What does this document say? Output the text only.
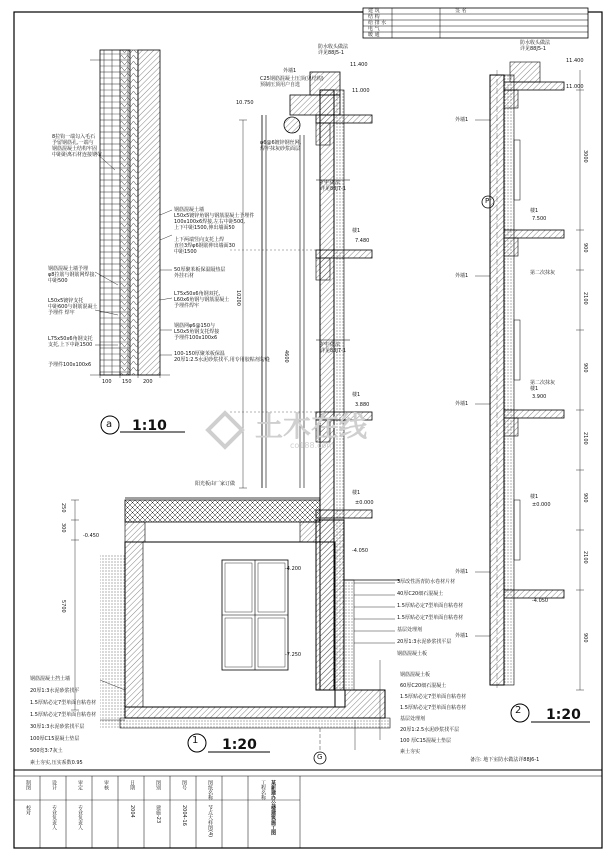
建 筑
结 构
给 排 水
电 气
暖 通
签 名
8拉钩一端勾入毛石
予留钢筋孔,一端与
钢筋混凝土结构牢固
中距距离石材连接钢节
钢筋混凝土墙予埋
φ8拉筋与钢筋网焊接,
中距500
L50x5镀锌支托
中距600与钢筋混凝土
予埋件 焊牢
L75x50x6角钢支托
支托,上下中距1500
予埋件100x100x6
钢筋混凝土墙
L50x5镀锌角钢与钢筋混凝土予埋件
100x100x6焊接,左右中距500,
上下中距1500,伸出墙面50
上下两端竖向支托上焊
直径3焊φ6钢筋伸出墙面30
中距1500
50厚聚苯板保温隔热层
外挂石材
L75x50x6角钢双托,
L60x6角钢与钢筋混凝土
予埋件焊牢
钢筋网φ6@150与
L50x5角钢支托焊接
予埋件100x100x6
100-150厚聚苯板保温
20厚1:2.5水泥砂浆找平,用专用胶粘剂勾缝
100 150 200
a 1:10
外墙1
C25钢筋混凝土压顶(见结构)
预制压顶用户自选
防水收头做法
详见88J5-1
11.400
11.000
10.750
φ6@6镀锌钢丝网,
焊牢抹灰砂浆面层
护栏做法
详见88J7-1
楼1
7.480
护栏做法
详见88J7-1
楼1
3.880
楼1
±0.000
-0.450
-4.050
-4.200
-7.250
阳光板由厂家订做
250
300
5700
10200
4600
3厚改性沥青防水卷材片材
40厚C20细石混凝土
1.5厚贴必定7型单面自粘卷材
1.5厚贴必定7型单面自粘卷材
基层处理剂
20厚1:3水泥砂浆找平层
钢筋混凝土板
钢筋混凝土板
60厚C20细石混凝土
1.5厚贴必定7型单面自粘卷材
1.5厚贴必定7型单面自粘卷材
基层处理剂
20厚1:2.5水泥砂浆找平层
100 厚C15混凝土垫层
素土夯实
钢筋混凝土挡土墙
20厚1:3水泥砂浆找平
1.5厚贴必定7型单面自粘卷材
1.5厚贴必定7型单面自粘卷材
30厚1:3水泥砂浆找平层
100厚C15混凝土垫层
500宽3:7灰土
素土夯实,压实系数0.95
G
1 1:20
防水收头做法
详见88J5-1
11.400
11.000
楼1
7.500
楼1
3.900
楼1
±0.000
-4.050
第二次抹灰
第二次抹灰
外墙1
外墙1
外墙1
外墙1
外墙1
3000
900
2100
900
2100
900
2100
900
P
2 1:20
备注: 地下室防水做法详88J6-1
制图
校对
设计
专业负责人
审定
专业负责人
审核	日期
2004
图别
建施-23
图号
2004-16
图纸名称
节点大样图(4)
工程名称 某新建办公楼建筑施工图
土木在线
co188.com
